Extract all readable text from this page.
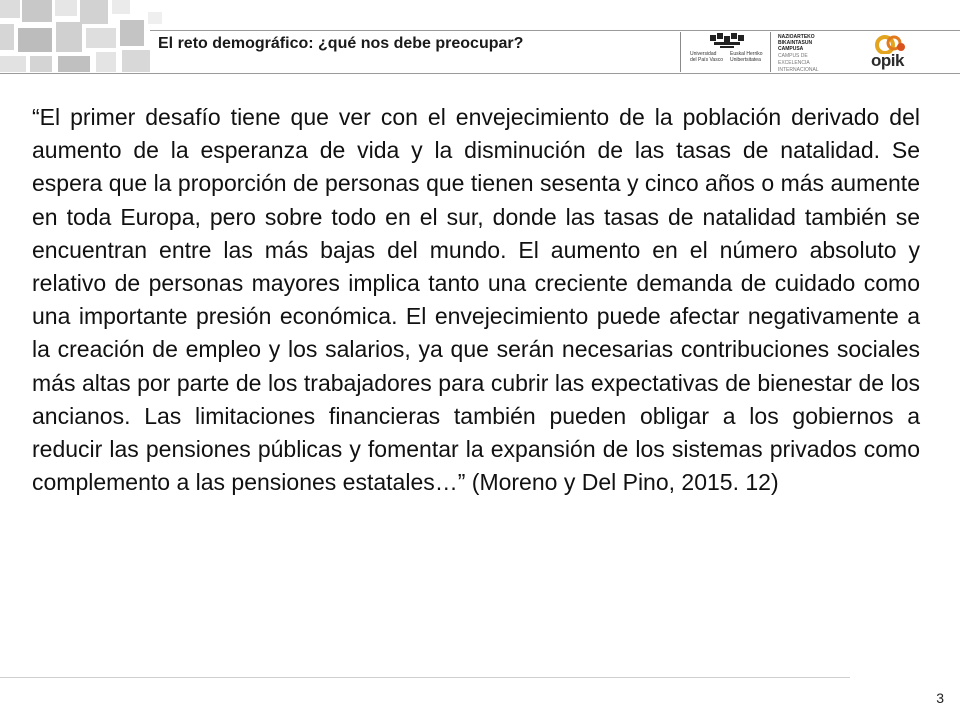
El reto demográfico: ¿qué nos debe preocupar?
Universidad
del País Vasco
Euskal Herriko
Unibertsitatea
NAZIOARTEKO
BIKAINTASUN
CAMPUSA
CAMPUS DE
EXCELENCIA
INTERNACIONAL	opik

“El primer desafío tiene que ver con el envejecimiento de la población derivado del aumento de la esperanza de vida y la disminución de las tasas de natalidad. Se espera que la proporción de personas que tienen sesenta y cinco años o más aumente en toda Europa, pero sobre todo en el sur, donde las tasas de natalidad también se encuentran entre las más bajas del mundo. El aumento en el número absoluto y relativo de personas mayores implica tanto una creciente demanda de cuidado como una importante presión económica. El envejecimiento puede afectar negativamente a la creación de empleo y los salarios, ya que serán necesarias contribuciones sociales más altas por parte de los trabajadores para cubrir las expectativas de bienestar de los ancianos. Las limitaciones financieras también pueden obligar a los gobiernos a reducir las pensiones públicas y fomentar la expansión de los sistemas privados como complemento a las pensiones estatales…” (Moreno y Del Pino, 2015. 12)

3
